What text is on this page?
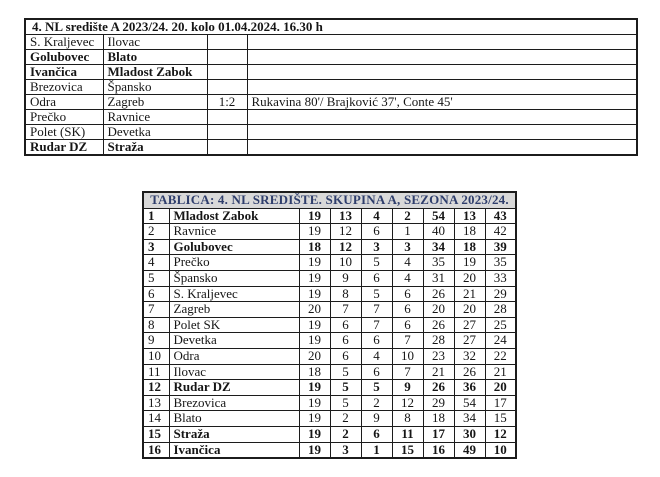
4. NL središte A 2023/24. 20. kolo 01.04.2024. 16.30 h			
S. Kraljevec	Ilovac		
Golubovec	Blato		
Ivančica	Mladost Zabok		
Brezovica	Špansko		
Odra	Zagreb	1:2	Rukavina 80'/ Brajković 37', Conte 45'
Prečko	Ravnice		
Polet (SK)	Devetka		
Rudar DZ	Straža		
TABLICA: 4. NL SREDIŠTE. SKUPINA A, SEZONA 2023/24.								
1	Mladost Zabok	19	13	4	2	54	13	43
2	Ravnice	19	12	6	1	40	18	42
3	Golubovec	18	12	3	3	34	18	39
4	Prečko	19	10	5	4	35	19	35
5	Špansko	19	9	6	4	31	20	33
6	S. Kraljevec	19	8	5	6	26	21	29
7	Zagreb	20	7	7	6	20	20	28
8	Polet SK	19	6	7	6	26	27	25
9	Devetka	19	6	6	7	28	27	24
10	Odra	20	6	4	10	23	32	22
11	Ilovac	18	5	6	7	21	26	21
12	Rudar DZ	19	5	5	9	26	36	20
13	Brezovica	19	5	2	12	29	54	17
14	Blato	19	2	9	8	18	34	15
15	Straža	19	2	6	11	17	30	12
16	Ivančica	19	3	1	15	16	49	10
